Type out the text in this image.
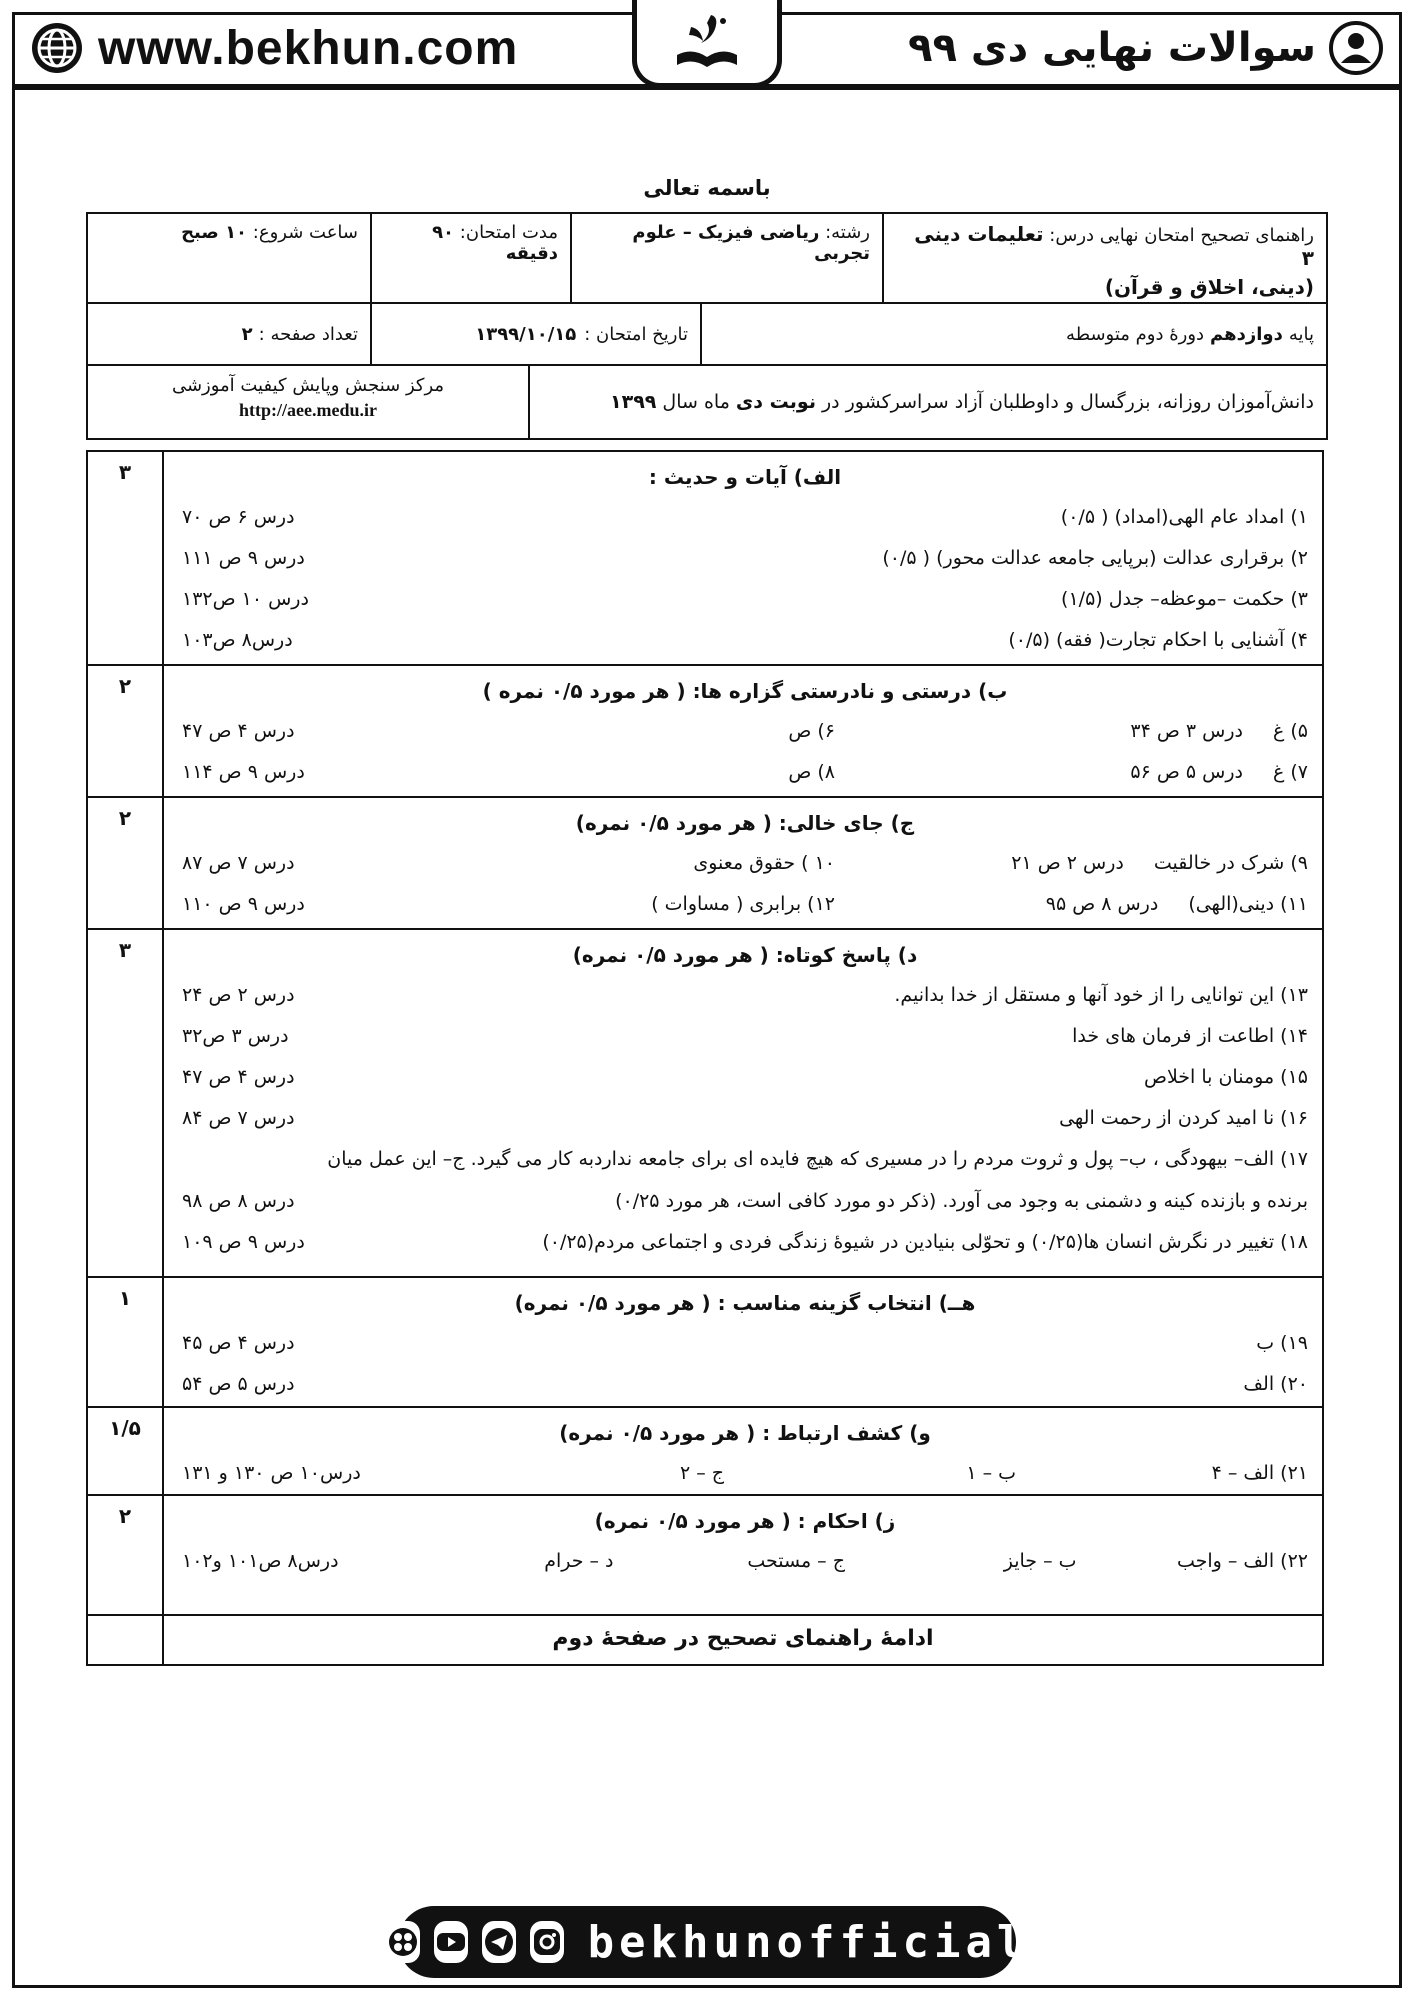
www.bekhun.com	سوالات نهایی دی ۹۹
باسمه تعالی
راهنمای تصحیح امتحان نهایی درس: تعلیمات دینی ۳
(دینی، اخلاق و قرآن)
رشته: ریاضی فیزیک – علوم تجربی
مدت امتحان: ۹۰ دقیقه
ساعت شروع: ۱۰ صبح
پایه
دوازدهم
دورهٔ دوم متوسطه
تاریخ امتحان :
۱۳۹۹/۱۰/۱۵
تعداد صفحه :
۲
دانش‌آموزان روزانه، بزرگسال و داوطلبان آزاد سراسرکشور در
نوبت دی
ماه سال
۱۳۹۹
مرکز سنجش وپایش کیفیت آموزشی
http://aee.medu.ir
الف) آیات و حدیث :
۱) امداد عام الهی(امداد) ( ۰/۵)
درس ۶ ص ۷۰
۲) برقراری عدالت (برپایی جامعه عدالت محور) ( ۰/۵)
درس ۹ ص ۱۱۱
۳) حکمت –موعظه– جدل (۱/۵)
درس ۱۰ ص۱۳۲
۴) آشنایی با احکام تجارت( فقه) (۰/۵)
درس۸ ص۱۰۳
۳
ب) درستی و نادرستی گزاره ها: ( هر مورد ۰/۵ نمره )
۵) غ
درس ۳ ص ۳۴
۶) ص
درس ۴ ص ۴۷
۷) غ
درس ۵ ص ۵۶
۸) ص
درس ۹ ص ۱۱۴
۲
ج) جای خالی: ( هر مورد ۰/۵ نمره)
۹) شرک در خالقیت
درس ۲ ص ۲۱
۱۰ ) حقوق معنوی
درس ۷ ص ۸۷
۱۱) دینی(الهی)
درس ۸ ص ۹۵
۱۲) برابری ( مساوات )
درس ۹ ص ۱۱۰
۲
د) پاسخ کوتاه: ( هر مورد ۰/۵ نمره)
۱۳) این توانایی را از خود آنها و مستقل از خدا بدانیم.
درس ۲ ص ۲۴
۱۴) اطاعت از فرمان های خدا
درس ۳ ص۳۲
۱۵) مومنان با اخلاص
درس ۴ ص ۴۷
۱۶) نا امید کردن از رحمت الهی
درس ۷ ص ۸۴
۱۷) الف– بیهودگی ، ب– پول و ثروت مردم را در مسیری که هیچ فایده ای برای جامعه نداردبه کار می گیرد. ج– این عمل میان
برنده و بازنده کینه و دشمنی به وجود می آورد. (ذکر دو مورد کافی است، هر مورد ۰/۲۵)
درس ۸ ص ۹۸
۱۸) تغییر در نگرش انسان ها(۰/۲۵) و تحوّلی بنیادین در شیوهٔ زندگی فردی و اجتماعی مردم(۰/۲۵)
درس ۹ ص ۱۰۹
۳
هــ) انتخاب گزینه مناسب : ( هر مورد ۰/۵ نمره)
۱۹) ب
درس ۴ ص ۴۵
۲۰) الف
درس ۵ ص ۵۴
۱
و) کشف ارتباط : ( هر مورد ۰/۵ نمره)
۲۱) الف – ۴
ب – ۱
ج – ۲
درس۱۰ ص ۱۳۰ و ۱۳۱
۱/۵
ز) احکام : ( هر مورد ۰/۵ نمره)
۲۲) الف – واجب
ب – جایز
ج – مستحب
د – حرام
درس۸ ص۱۰۱ و۱۰۲
۲
ادامهٔ راهنمای تصحیح در صفحهٔ دوم
bekhunofficial
